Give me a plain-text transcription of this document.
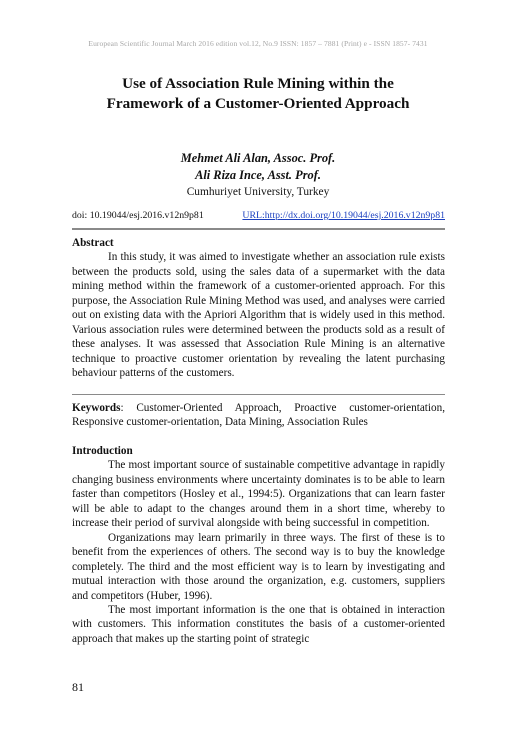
European Scientific Journal March 2016 edition vol.12, No.9 ISSN: 1857 – 7881 (Print) e - ISSN 1857- 7431
Use of Association Rule Mining within the
Framework of a Customer-Oriented Approach
Mehmet Ali Alan, Assoc. Prof.
Ali Riza Ince, Asst. Prof.
Cumhuriyet University, Turkey
doi: 10.19044/esj.2016.v12n9p81	URL:http://dx.doi.org/10.19044/esj.2016.v12n9p81

Abstract

In this study, it was aimed to investigate whether an association rule exists between the products sold, using the sales data of a supermarket with the data mining method within the framework of a customer-oriented approach. For this purpose, the Association Rule Mining Method was used, and analyses were carried out on existing data with the Apriori Algorithm that is widely used in this method. Various association rules were determined between the products sold as a result of these analyses. It was assessed that Association Rule Mining is an alternative technique to proactive customer orientation by revealing the latent purchasing behaviour patterns of the customers.

Keywords: Customer-Oriented Approach, Proactive customer-orientation, Responsive customer-orientation, Data Mining, Association Rules

Introduction

The most important source of sustainable competitive advantage in rapidly changing business environments where uncertainty dominates is to be able to learn faster than competitors (Hosley et al., 1994:5). Organizations that can learn faster will be able to adapt to the changes around them in a short time, whereby to increase their period of survival alongside with being successful in competition.

Organizations may learn primarily in three ways. The first of these is to benefit from the experiences of others. The second way is to buy the knowledge completely. The third and the most efficient way is to learn by investigating and mutual interaction with those around the organization, e.g. customers, suppliers and competitors (Huber, 1996).

The most important information is the one that is obtained in interaction with customers. This information constitutes the basis of a customer-oriented approach that makes up the starting point of strategic

81
